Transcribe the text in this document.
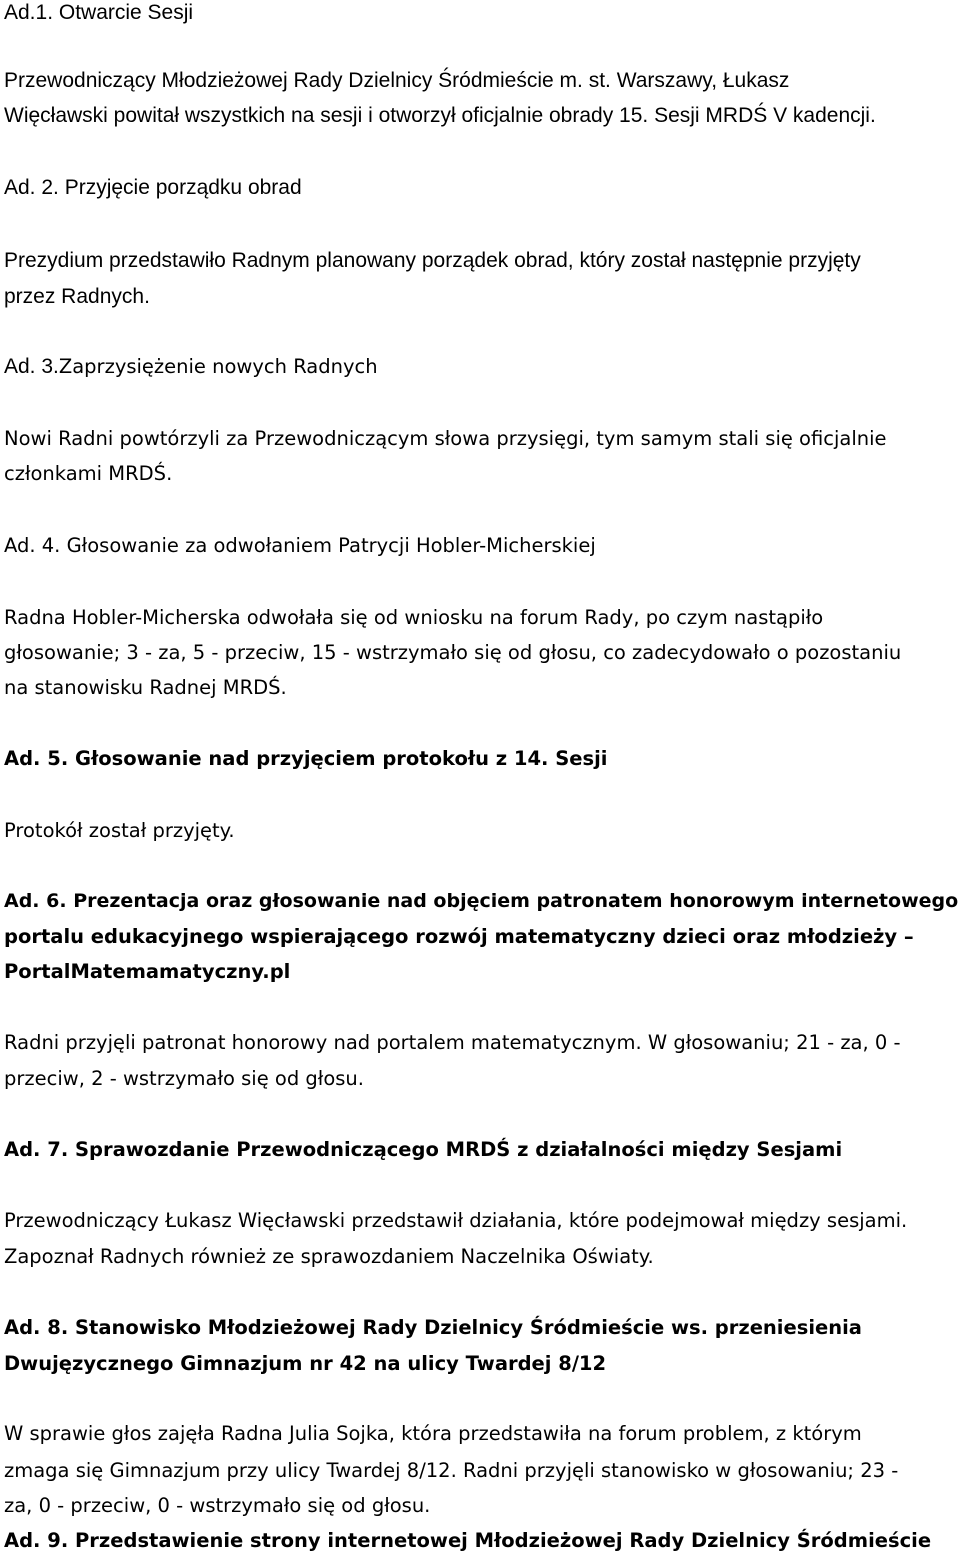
Ad.1. Otwarcie Sesji
Przewodniczący Młodzieżowej Rady Dzielnicy Śródmieście m. st. Warszawy, Łukasz
Więcławski powitał wszystkich na sesji i otworzył oficjalnie obrady 15. Sesji MRDŚ V kadencji.
Ad. 2. Przyjęcie porządku obrad
Prezydium przedstawiło Radnym planowany porządek obrad, który został następnie przyjęty
przez Radnych.
Ad. 3. Zaprzysiężenie nowych Radnych
Nowi Radni powtórzyli za Przewodniczącym słowa przysięgi, tym samym stali się oficjalnie
członkami MRDŚ.
Ad. 4. Głosowanie za odwołaniem Patrycji Hobler-Micherskiej
Radna Hobler-Micherska odwołała się od wniosku na forum Rady, po czym nastąpiło
głosowanie; 3 - za, 5 - przeciw, 15 - wstrzymało się od głosu, co zadecydowało o pozostaniu
na stanowisku Radnej MRDŚ.
Ad. 5. Głosowanie nad przyjęciem protokołu z 14. Sesji
Protokół został przyjęty.
Ad. 6. Prezentacja oraz głosowanie nad objęciem patronatem honorowym internetowego
portalu edukacyjnego wspierającego rozwój matematyczny dzieci oraz młodzieży –
PortalMatemamatyczny.pl
Radni przyjęli patronat honorowy nad portalem matematycznym. W głosowaniu; 21 - za, 0 -
przeciw, 2 - wstrzymało się od głosu.
Ad. 7. Sprawozdanie Przewodniczącego MRDŚ z działalności między Sesjami
Przewodniczący Łukasz Więcławski przedstawił działania, które podejmował między sesjami.
Zapoznał Radnych również ze sprawozdaniem Naczelnika Oświaty.
Ad. 8. Stanowisko Młodzieżowej Rady Dzielnicy Śródmieście ws. przeniesienia
Dwujęzycznego Gimnazjum nr 42 na ulicy Twardej 8/12
W sprawie głos zajęła Radna Julia Sojka, która przedstawiła na forum problem, z którym
zmaga się Gimnazjum przy ulicy Twardej 8/12. Radni przyjęli stanowisko w głosowaniu; 23 -
za, 0 - przeciw, 0 - wstrzymało się od głosu.
Ad. 9. Przedstawienie strony internetowej Młodzieżowej Rady Dzielnicy Śródmieście
